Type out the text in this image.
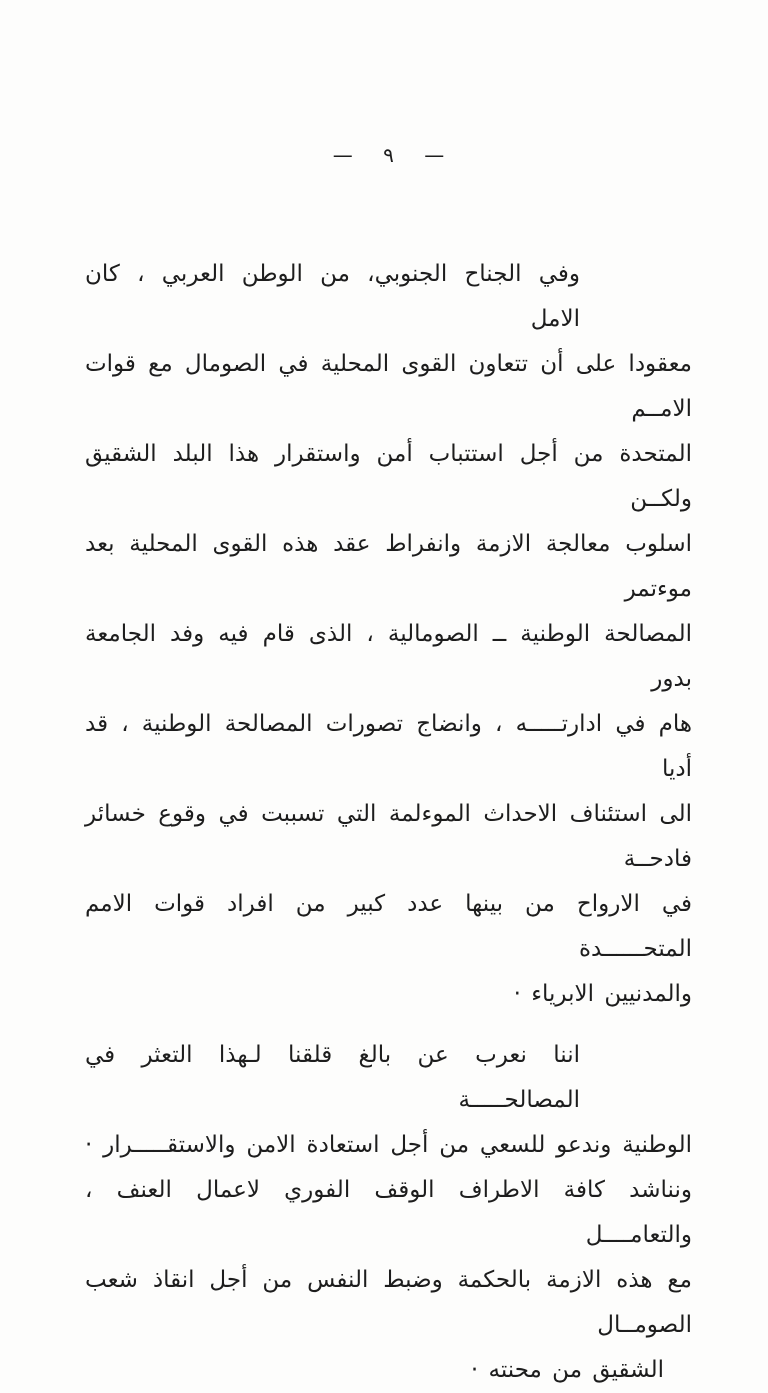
— ٩ —
وفي الجناح الجنوبي، من الوطن العربي ، كان الامل
معقودا على أن تتعاون القوى المحلية في الصومال مع قوات الامــم
المتحدة من أجل استتباب أمن واستقرار هذا البلد الشقيق ولكــن
اسلوب معالجة الازمة وانفراط عقد هذه القوى المحلية بعد موءتمر
المصالحة الوطنية ــ الصومالية ، الذى قام فيه وفد الجامعة بدور
هام في ادارتـــــه ، وانضاج تصورات المصالحة الوطنية ، قد أديا
الى استئناف الاحداث الموءلمة التي تسببت في وقوع خسائر فادحــة
في الارواح من بينها عدد كبير من افراد قوات الامم المتحــــــدة
والمدنيين الابرياء ·
اننا نعرب عن بالغ قلقنا لـهذا التعثر في المصالحـــــة
الوطنية وندعو للسعي من أجل استعادة الامن والاستقـــــرار ·
ونناشد كافة الاطراف الوقف الفوري لاعمال العنف ، والتعامــــل
مع هذه الازمة بالحكمة وضبط النفس من أجل انقاذ شعب الصومــال
الشقيق من محنته ·
